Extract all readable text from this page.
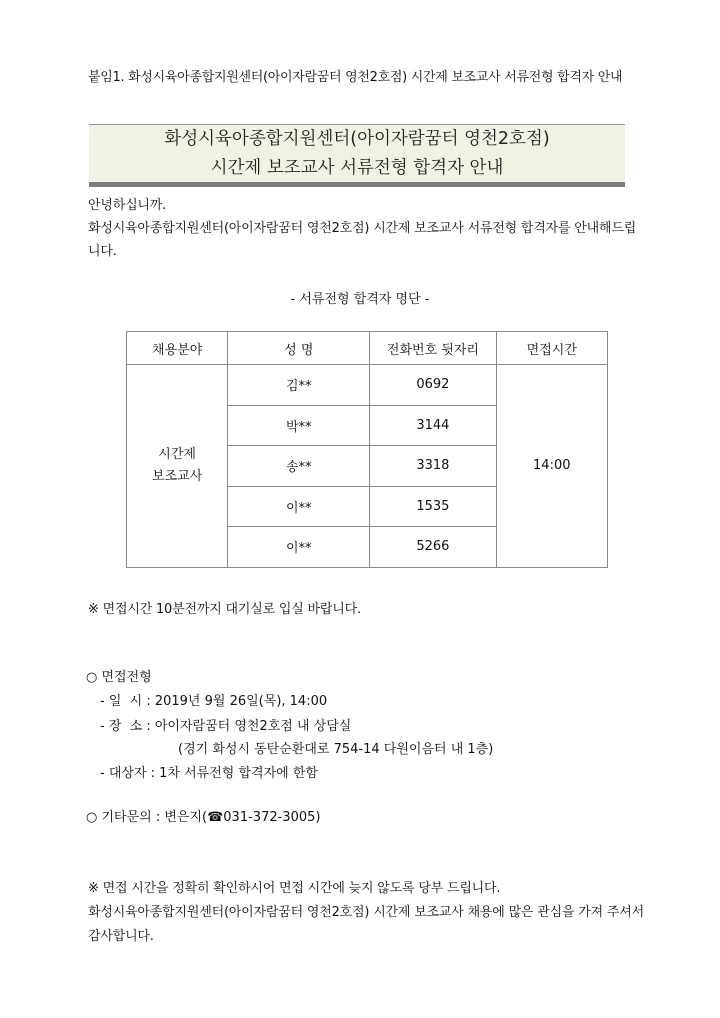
붙임1. 화성시육아종합지원센터(아이자람꿈터 영천2호점) 시간제 보조교사 서류전형 합격자 안내
화성시육아종합지원센터(아이자람꿈터 영천2호점)
시간제 보조교사 서류전형 합격자 안내
안녕하십니까.
화성시육아종합지원센터(아이자람꿈터 영천2호점) 시간제 보조교사 서류전형 합격자를 안내해드립니다.
- 서류전형 합격자 명단 -
채용분야	성 명	전화번호 뒷자리	면접시간

시간제
보조교사	김**	0692	14:00
	박**	3144	
	송**	3318	
	이**	1535	
	이**	5266	
※ 면접시간 10분전까지 대기실로 입실 바랍니다.
○ 면접전형
- 일  시 : 2019년 9월 26일(목), 14:00
- 장  소 : 아이자람꿈터 영천2호점 내 상담실
(경기 화성시 동탄순환대로 754-14 다원이음터 내 1층)
- 대상자 : 1차 서류전형 합격자에 한함
○ 기타문의 : 변은지(☎031-372-3005)
※ 면접 시간을 정확히 확인하시어 면접 시간에 늦지 않도록 당부 드립니다.
화성시육아종합지원센터(아이자람꿈터 영천2호점) 시간제 보조교사 채용에 많은 관심을 가져 주셔서 감사합니다.
